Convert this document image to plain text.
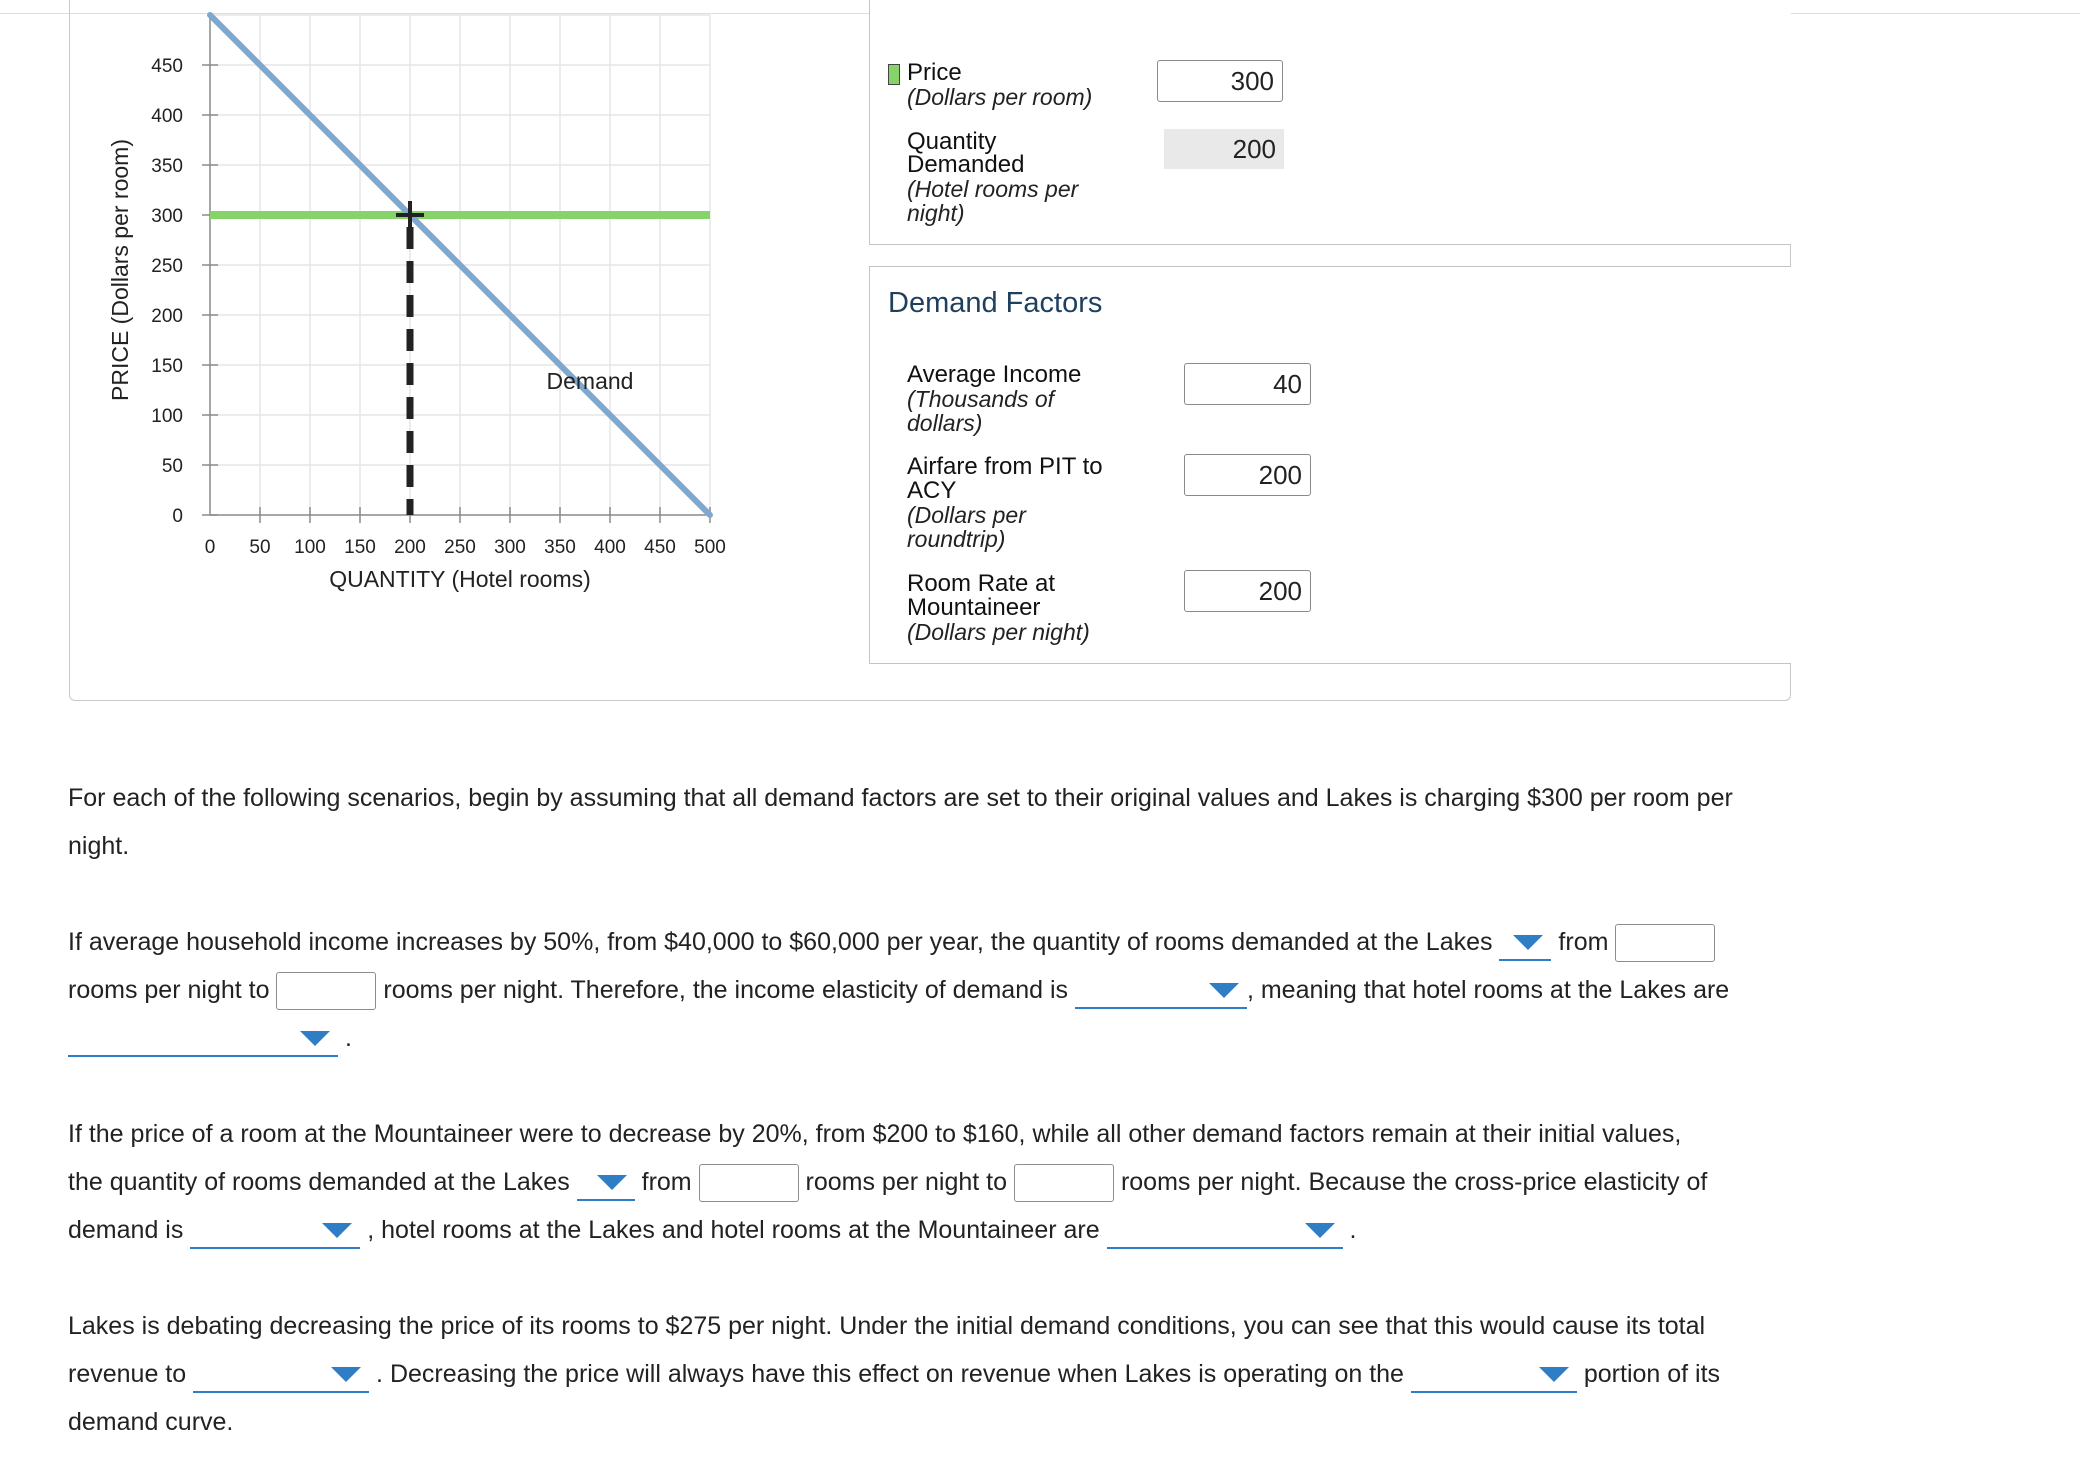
0
50
100
150
200
250
300
350
400
450
0 50 100 150 200 250 300 350 400 450 500
Demand
QUANTITY (Hotel rooms)
PRICE (Dollars per room)
Price
(Dollars per room)
300
Quantity
Demanded
(Hotel rooms per
night)
200
Demand Factors
Average Income
(Thousands of
dollars)
40
Airfare from PIT to
ACY
(Dollars per
roundtrip)
200
Room Rate at
Mountaineer
(Dollars per night)
200
For each of the following scenarios, begin by assuming that all demand factors are set to their original values and Lakes is charging $300 per room per
night.
If average household income increases by 50%, from $40,000 to $60,000 per year, the quantity of rooms demanded at the Lakes	from
rooms per night to	rooms per night. Therefore, the income elasticity of demand is	, meaning that hotel rooms at the Lakes are
.
If the price of a room at the Mountaineer were to decrease by 20%, from $200 to $160, while all other demand factors remain at their initial values,
the quantity of rooms demanded at the Lakes	from	rooms per night to	rooms per night. Because the cross-price elasticity of
demand is	, hotel rooms at the Lakes and hotel rooms at the Mountaineer are	.
Lakes is debating decreasing the price of its rooms to $275 per night. Under the initial demand conditions, you can see that this would cause its total
revenue to	. Decreasing the price will always have this effect on revenue when Lakes is operating on the	portion of its
demand curve.
